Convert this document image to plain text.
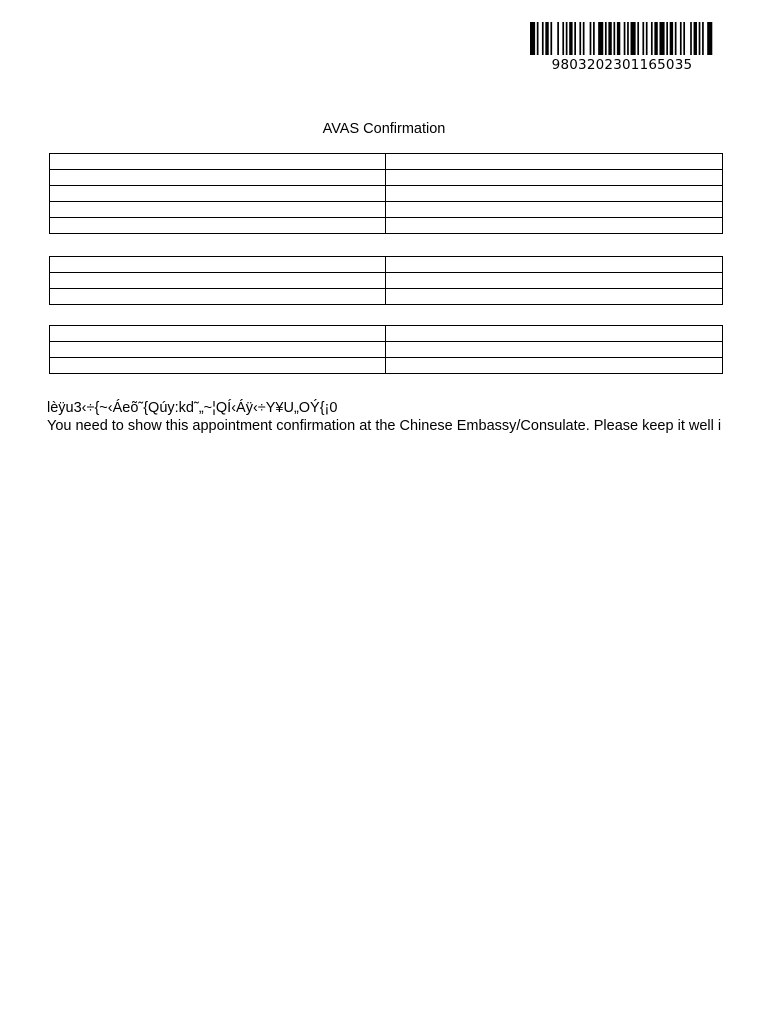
9803202301165035
AVAS Confirmation

lèÿu3‹÷{~‹Áeõ˜{Qúy:kd˜„~¦QÍ‹Áÿ‹÷Y¥U„OÝ{¡0
You need to show this appointment confirmation at the Chinese Embassy/Consulate. Please keep it well i
